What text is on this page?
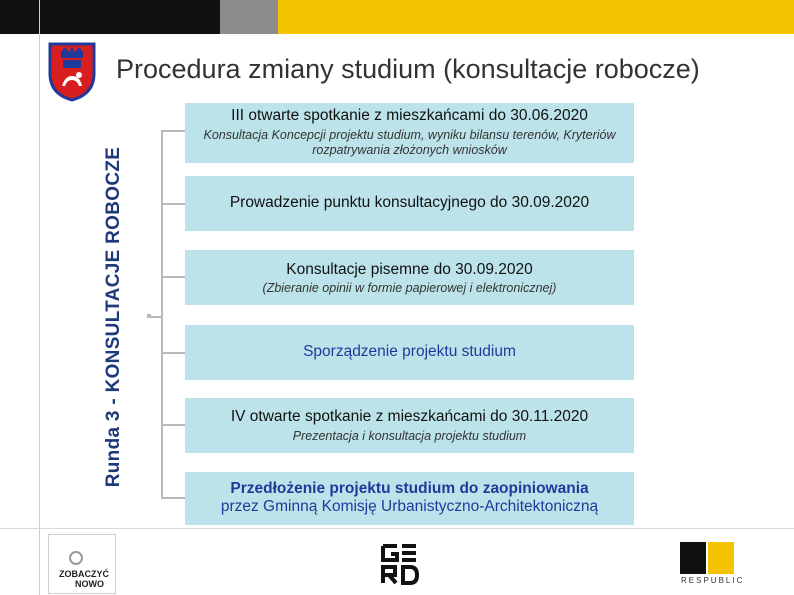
Procedura zmiany studium (konsultacje robocze)
Runda 3 - KONSULTACJE ROBOCZE
III otwarte spotkanie z mieszkańcami do 30.06.2020
Konsultacja Koncepcji projektu studium, wyniku bilansu terenów, Kryteriów rozpatrywania złożonych wniosków
Prowadzenie punktu konsultacyjnego do 30.09.2020
Konsultacje pisemne do 30.09.2020
(Zbieranie opinii w formie papierowej i elektronicznej)
Sporządzenie projektu studium
IV otwarte spotkanie z mieszkańcami do 30.11.2020
Prezentacja i konsultacja projektu studium
Przedłożenie projektu studium do zaopiniowania
przez Gminną Komisję Urbanistyczno-Architektoniczną
ZOBACZYĆ
NOWO	RESPUBLIC
